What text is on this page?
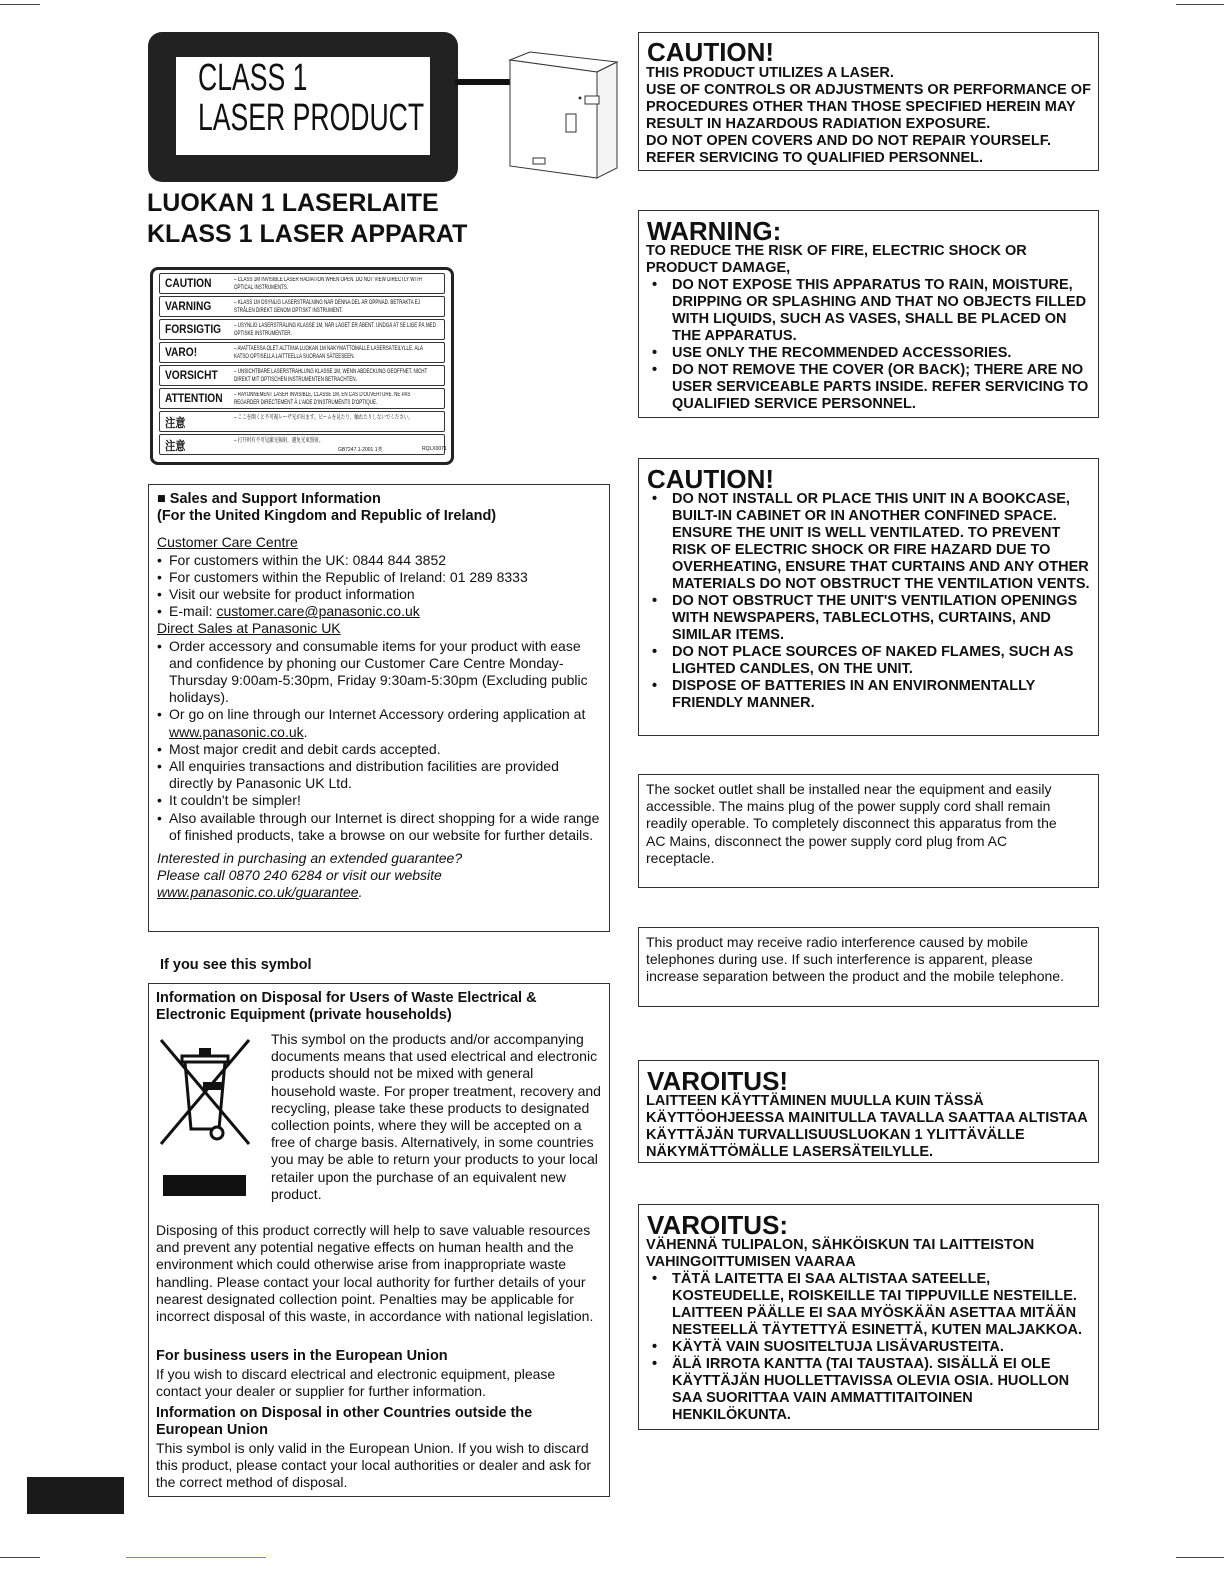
CLASS 1
LASER PRODUCT
LUOKAN 1 LASERLAITE
KLASS 1 LASER APPARAT
CAUTION	– CLASS 1M INVISIBLE LASER RADIATION WHEN OPEN. DO NOT VIEW DIRECTLY WITH OPTICAL INSTRUMENTS.
VARNING	– KLASS 1M OSYNLIG LASERSTRÅLNING NÄR DENNA DEL ÄR ÖPPNAD. BETRAKTA EJ STRÅLEN DIREKT GENOM OPTISKT INSTRUMENT.
FORSIGTIG – USYNLIG LASERSTRÅLING KLASSE 1M, NÅR LÅGET ER ÅBENT. UNDGÅ AT SE LIGE PÅ MED OPTISKE INSTRUMENTER.
VARO!	– AVATTAESSA OLET ALTTIINA LUOKAN 1M NÄKYMÄTTÖMÄLLE LASERSÄTEILYLLE. ÄLÄ KATSO OPTISELLA LAITTEELLA SUORAAN SÄTEESEEN.
VORSICHT	– UNSICHTBARE LASERSTRAHLUNG KLASSE 1M, WENN ABDECKUNG GEÖFFNET. NICHT DIREKT MIT OPTISCHEN INSTRUMENTEN BETRACHTEN.
ATTENTION – RAYONNEMENT LASER INVISIBLE, CLASSE 1M, EN CAS D'OUVERTURE. NE PAS REGARDER DIRECTEMENT À L'AIDE D'INSTRUMENTS D'OPTIQUE.
注意	– ここを開くと不可視レーザ光が出ます。ビームを見たり、触れたりしないでください。
注意	– 打开时有不可见激光辐射，避免光束照射。
GB7247.1-2001 1类	RQLX0071
■ Sales and Support Information
(For the United Kingdom and Republic of Ireland)
Customer Care Centre
• For customers within the UK: 0844 844 3852
• For customers within the Republic of Ireland: 01 289 8333
• Visit our website for product information
• E-mail: customer.care@panasonic.co.uk
Direct Sales at Panasonic UK
• Order accessory and consumable items for your product with ease and confidence by phoning our Customer Care Centre Monday-Thursday 9:00am-5:30pm, Friday 9:30am-5:30pm (Excluding public holidays).
• Or go on line through our Internet Accessory ordering application at www.panasonic.co.uk.
• Most major credit and debit cards accepted.
• All enquiries transactions and distribution facilities are provided directly by Panasonic UK Ltd.
• It couldn't be simpler!
• Also available through our Internet is direct shopping for a wide range of finished products, take a browse on our website for further details.
Interested in purchasing an extended guarantee?
Please call 0870 240 6284 or visit our website
www.panasonic.co.uk/guarantee.
If you see this symbol
Information on Disposal for Users of Waste Electrical & Electronic Equipment (private households)
This symbol on the products and/or accompanying documents means that used electrical and electronic products should not be mixed with general household waste. For proper treatment, recovery and recycling, please take these products to designated collection points, where they will be accepted on a free of charge basis. Alternatively, in some countries you may be able to return your products to your local retailer upon the purchase of an equivalent new product.
Disposing of this product correctly will help to save valuable resources and prevent any potential negative effects on human health and the environment which could otherwise arise from inappropriate waste handling. Please contact your local authority for further details of your nearest designated collection point. Penalties may be applicable for incorrect disposal of this waste, in accordance with national legislation.
For business users in the European Union
If you wish to discard electrical and electronic equipment, please contact your dealer or supplier for further information.
Information on Disposal in other Countries outside the European Union
This symbol is only valid in the European Union. If you wish to discard this product, please contact your local authorities or dealer and ask for the correct method of disposal.
CAUTION!
THIS PRODUCT UTILIZES A LASER.
USE OF CONTROLS OR ADJUSTMENTS OR PERFORMANCE OF PROCEDURES OTHER THAN THOSE SPECIFIED HEREIN MAY RESULT IN HAZARDOUS RADIATION EXPOSURE.
DO NOT OPEN COVERS AND DO NOT REPAIR YOURSELF.
REFER SERVICING TO QUALIFIED PERSONNEL.
WARNING:
TO REDUCE THE RISK OF FIRE, ELECTRIC SHOCK OR PRODUCT DAMAGE,
• DO NOT EXPOSE THIS APPARATUS TO RAIN, MOISTURE, DRIPPING OR SPLASHING AND THAT NO OBJECTS FILLED WITH LIQUIDS, SUCH AS VASES, SHALL BE PLACED ON THE APPARATUS.
• USE ONLY THE RECOMMENDED ACCESSORIES.
• DO NOT REMOVE THE COVER (OR BACK); THERE ARE NO USER SERVICEABLE PARTS INSIDE. REFER SERVICING TO QUALIFIED SERVICE PERSONNEL.
CAUTION!
• DO NOT INSTALL OR PLACE THIS UNIT IN A BOOKCASE, BUILT-IN CABINET OR IN ANOTHER CONFINED SPACE. ENSURE THE UNIT IS WELL VENTILATED. TO PREVENT RISK OF ELECTRIC SHOCK OR FIRE HAZARD DUE TO OVERHEATING, ENSURE THAT CURTAINS AND ANY OTHER MATERIALS DO NOT OBSTRUCT THE VENTILATION VENTS.
• DO NOT OBSTRUCT THE UNIT'S VENTILATION OPENINGS WITH NEWSPAPERS, TABLECLOTHS, CURTAINS, AND SIMILAR ITEMS.
• DO NOT PLACE SOURCES OF NAKED FLAMES, SUCH AS LIGHTED CANDLES, ON THE UNIT.
• DISPOSE OF BATTERIES IN AN ENVIRONMENTALLY FRIENDLY MANNER.
The socket outlet shall be installed near the equipment and easily accessible. The mains plug of the power supply cord shall remain readily operable. To completely disconnect this apparatus from the AC Mains, disconnect the power supply cord plug from AC receptacle.
This product may receive radio interference caused by mobile telephones during use. If such interference is apparent, please increase separation between the product and the mobile telephone.
VAROITUS!
LAITTEEN KÄYTTÄMINEN MUULLA KUIN TÄSSÄ KÄYTTÖOHJEESSA MAINITULLA TAVALLA SAATTAA ALTISTAA KÄYTTÄJÄN TURVALLISUUSLUOKAN 1 YLITTÄVÄLLE NÄKYMÄTTÖMÄLLE LASERSÄTEILYLLE.
VAROITUS:
VÄHENNÄ TULIPALON, SÄHKÖISKUN TAI LAITTEISTON VAHINGOITTUMISEN VAARAA
• TÄTÄ LAITETTA EI SAA ALTISTAA SATEELLE, KOSTEUDELLE, ROISKEILLE TAI TIPPUVILLE NESTEILLE. LAITTEEN PÄÄLLE EI SAA MYÖSKÄÄN ASETTAA MITÄÄN NESTEELLÄ TÄYTETTYÄ ESINETTÄ, KUTEN MALJAKKOA.
• KÄYTÄ VAIN SUOSITELTUJA LISÄVARUSTEITA.
• ÄLÄ IRROTA KANTTA (TAI TAUSTAA). SISÄLLÄ EI OLE KÄYTTÄJÄN HUOLLETTAVISSA OLEVIA OSIA. HUOLLON SAA SUORITTAA VAIN AMMATTITAITOINEN HENKILÖKUNTA.
